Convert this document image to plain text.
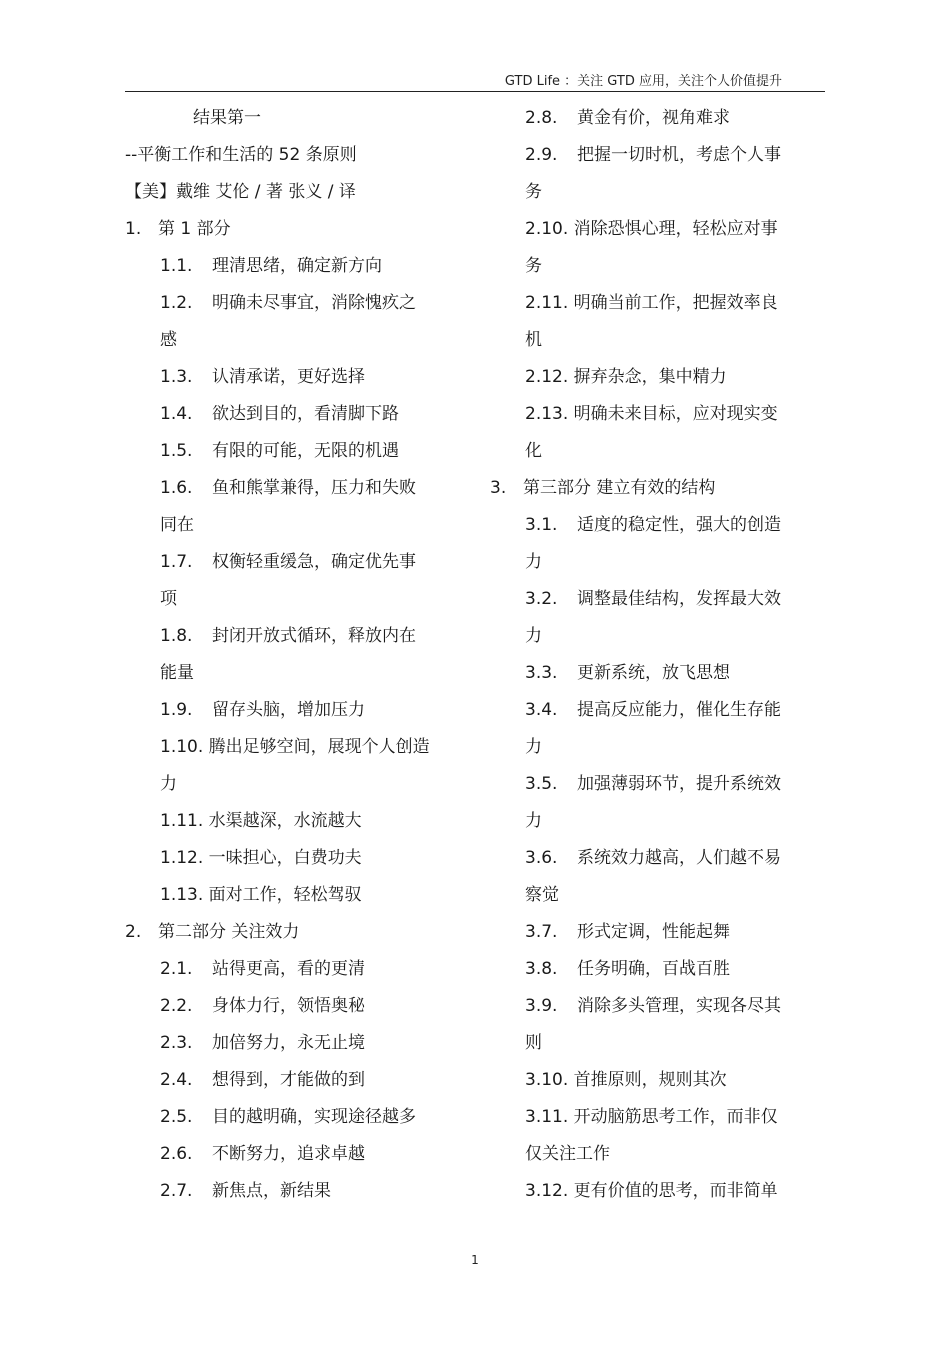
GTD Life ：关注 GTD 应用，关注个人价值提升
结果第一
--平衡工作和生活的 52 条原则
【美】戴维 艾伦 / 著 张义 / 译
1. 第 1 部分
1.1. 理清思绪，确定新方向
1.2. 明确未尽事宜，消除愧疚之
感
1.3. 认清承诺，更好选择
1.4. 欲达到目的，看清脚下路
1.5. 有限的可能，无限的机遇
1.6. 鱼和熊掌兼得，压力和失败
同在
1.7. 权衡轻重缓急，确定优先事
项
1.8. 封闭开放式循环，释放内在
能量
1.9. 留存头脑，增加压力
1.10. 腾出足够空间，展现个人创造
力
1.11. 水渠越深，水流越大
1.12. 一味担心，白费功夫
1.13. 面对工作，轻松驾驭
2. 第二部分 关注效力
2.1. 站得更高，看的更清
2.2. 身体力行，领悟奥秘
2.3. 加倍努力，永无止境
2.4. 想得到，才能做的到
2.5. 目的越明确，实现途径越多
2.6. 不断努力，追求卓越
2.7. 新焦点，新结果
2.8. 黄金有价，视角难求
2.9. 把握一切时机，考虑个人事
务
2.10. 消除恐惧心理，轻松应对事
务
2.11. 明确当前工作，把握效率良
机
2.12. 摒弃杂念，集中精力
2.13. 明确未来目标，应对现实变
化
3. 第三部分 建立有效的结构
3.1. 适度的稳定性，强大的创造
力
3.2. 调整最佳结构，发挥最大效
力
3.3. 更新系统，放飞思想
3.4. 提高反应能力，催化生存能
力
3.5. 加强薄弱环节，提升系统效
力
3.6. 系统效力越高，人们越不易
察觉
3.7. 形式定调，性能起舞
3.8. 任务明确，百战百胜
3.9. 消除多头管理，实现各尽其
则
3.10. 首推原则，规则其次
3.11. 开动脑筋思考工作，而非仅
仅关注工作
3.12. 更有价值的思考，而非简单
1
